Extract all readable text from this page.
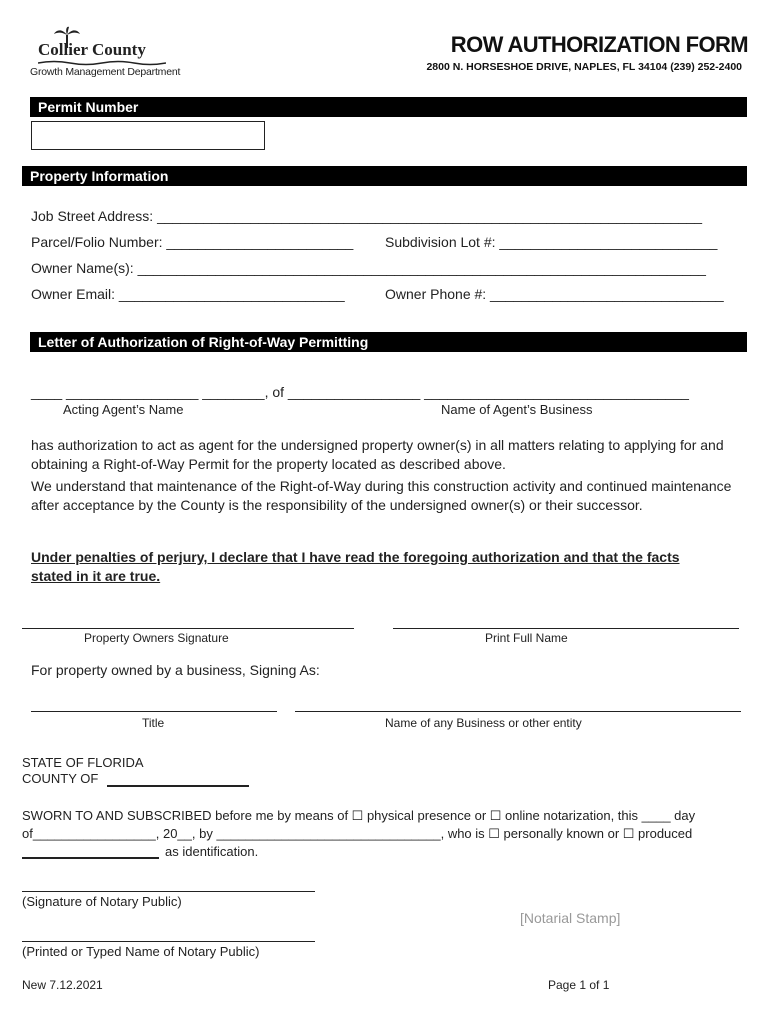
Collier County
Growth Management Department
ROW AUTHORIZATION FORM
2800 N. HORSESHOE DRIVE, NAPLES, FL 34104 (239) 252-2400
Permit Number
Property Information
Job Street Address: ______________________________________________________________________
Parcel/Folio Number: ________________________ Subdivision Lot #: ____________________________
Owner Name(s): _________________________________________________________________________
Owner Email: _____________________________	Owner Phone #: ______________________________
Letter of Authorization of Right-of-Way Permitting
____ _________________ ________, of _________________ __________________________________
Acting Agent’s Name	Name of Agent’s Business
has authorization to act as agent for the undersigned property owner(s) in all matters relating to applying for and obtaining a Right-of-Way Permit for the property located as described above.
We understand that maintenance of the Right-of-Way during this construction activity and continued maintenance after acceptance by the County is the responsibility of the undersigned owner(s) or their successor.
Under penalties of perjury, I declare that I have read the foregoing authorization and that the facts
stated in it are true.
Property Owners Signature	Print Full Name
For property owned by a business, Signing As:
Title	Name of any Business or other entity
STATE OF FLORIDA
COUNTY OF
SWORN TO AND SUBSCRIBED before me by means of ☐ physical presence or ☐ online notarization, this ____ day
of_________________, 20__, by _______________________________, who is ☐ personally known or ☐ produced
as identification.
(Signature of Notary Public)
[Notarial Stamp]
(Printed or Typed Name of Notary Public)
New 7.12.2021	Page 1 of 1
